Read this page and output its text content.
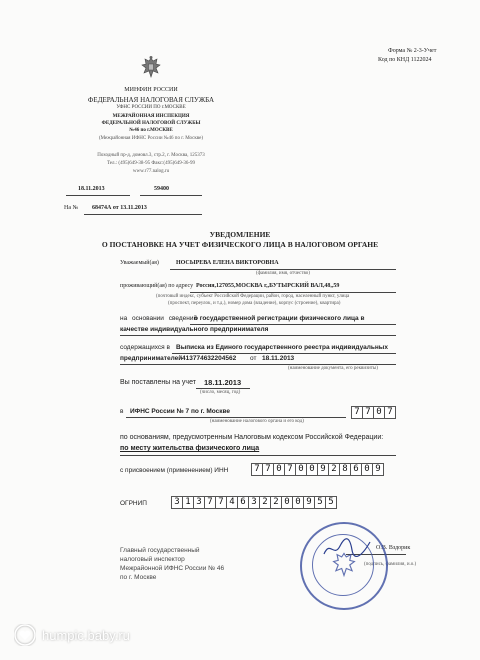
Форма № 2-3-Учет
Код по КНД 1122024
МИНФИН РОССИИ
ФЕДЕРАЛЬНАЯ НАЛОГОВАЯ СЛУЖБА
УФНС РОССИИ ПО г.МОСКВЕ
МЕЖРАЙОННАЯ ИНСПЕКЦИЯ
ФЕДЕРАЛЬНОЙ НАЛОГОВОЙ СЛУЖБЫ
№46 по г.МОСКВЕ
(Межрайонная ИФНС России №46 по г. Москве)
Походный пр-д, домовл.3, стр.2, г. Москва, 125373
Тел.: (495)649-38-95 Факс:(495)649-36-99
www.r77.nalog.ru
18.11.2013	59400
На № 68474А от 13.11.2013
УВЕДОМЛЕНИЕ
О ПОСТАНОВКЕ НА УЧЕТ ФИЗИЧЕСКОГО ЛИЦА В НАЛОГОВОМ ОРГАНЕ
Уважаемый(ая)	НОСЫРЕВА ЕЛЕНА ВИКТОРОВНА
(фамилия, имя, отчество)
проживающий(ая) по адресу Россия,127055,МОСКВА г,,БУТЫРСКИЙ ВАЛ,48,,59
(почтовый индекс, субъект Российской Федерации, район, город, населенный пункт, улица
(проспект, переулок, и т.д.), номер дома (владение), корпус (строение), квартира)
на основании сведений
о государственной регистрации физического лица в
качестве индивидуального предпринимателя
содержащихся в Выписка из Единого государственного реестра индивидуальных
предпринимателей 413774632204562 от 18.11.2013
(наименование документа, его реквизиты)
Вы поставлены на учет 18.11.2013
(число, месяц, год)
в ИФНС России № 7 по г. Москве	7 7 0 7
(наименование налогового органа и его код)
по основаниям, предусмотренным Налоговым кодексом Российской Федерации:
по месту жительства физического лица
с присвоением (применением) ИНН	7 7 0 7 0 0 9 2 8 6 0 9
ОГРНИП	3 1 3 7 7 4 6 3 2 2 0 0 9 5 5
Главный государственный
налоговый инспектор
Межрайонной ИФНС России № 46
по г. Москве
О.В. Вздорик
(подпись, фамилия, и.о.)
humpic.baby.ru
